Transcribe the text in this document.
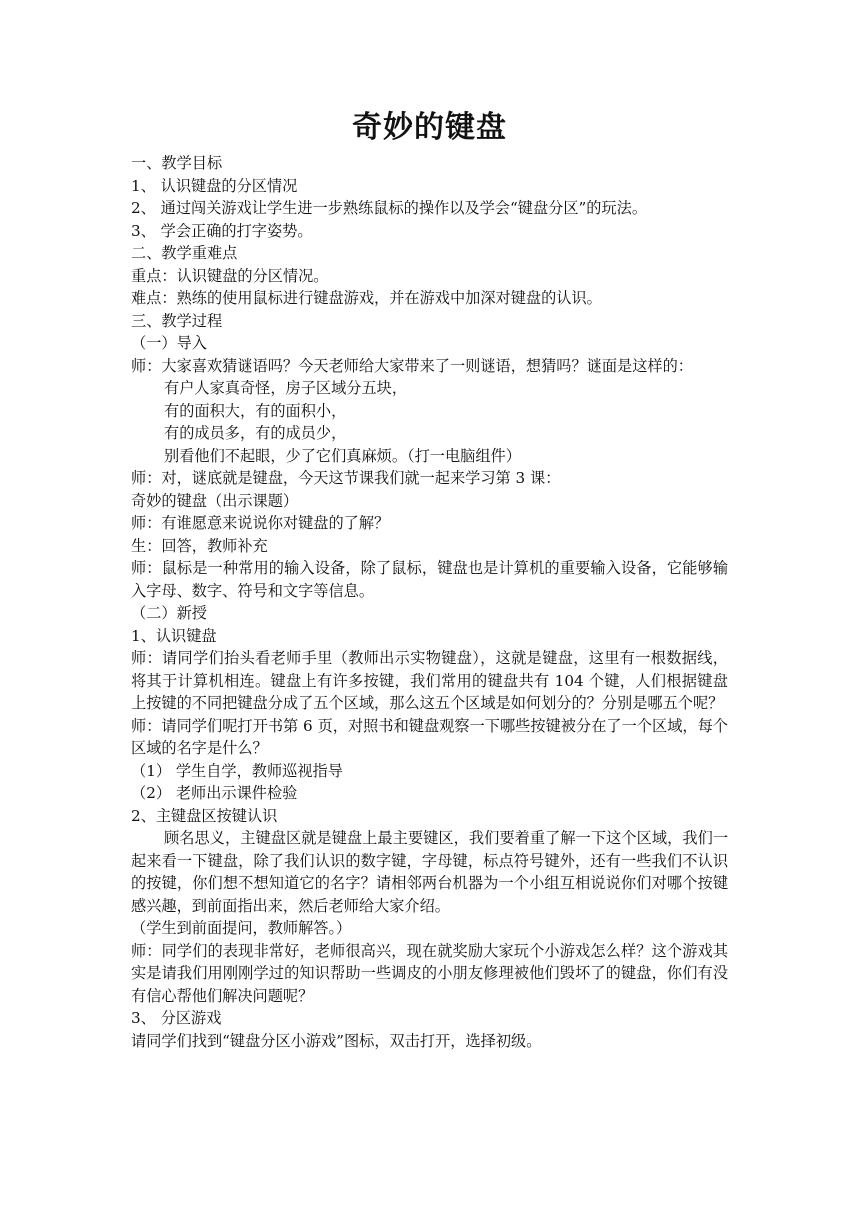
奇妙的键盘
一、教学目标
1、 认识键盘的分区情况
2、 通过闯关游戏让学生进一步熟练鼠标的操作以及学会“键盘分区”的玩法。
3、 学会正确的打字姿势。
二、教学重难点
重点：认识键盘的分区情况。
难点：熟练的使用鼠标进行键盘游戏，并在游戏中加深对键盘的认识。
三、教学过程
（一）导入
师：大家喜欢猜谜语吗？今天老师给大家带来了一则谜语，想猜吗？谜面是这样的：
有户人家真奇怪，房子区域分五块，
有的面积大，有的面积小，
有的成员多，有的成员少，
别看他们不起眼，少了它们真麻烦。（打一电脑组件）
师：对，谜底就是键盘，今天这节课我们就一起来学习第 3 课：
奇妙的键盘（出示课题）
师：有谁愿意来说说你对键盘的了解？
生：回答，教师补充
师：鼠标是一种常用的输入设备，除了鼠标，键盘也是计算机的重要输入设备，它能够输入字母、数字、符号和文字等信息。
（二）新授
1、认识键盘
师：请同学们抬头看老师手里（教师出示实物键盘），这就是键盘，这里有一根数据线，将其于计算机相连。键盘上有许多按键，我们常用的键盘共有 104 个键，人们根据键盘上按键的不同把键盘分成了五个区域，那么这五个区域是如何划分的？分别是哪五个呢？
师：请同学们呢打开书第 6 页，对照书和键盘观察一下哪些按键被分在了一个区域，每个区域的名字是什么？
（1） 学生自学，教师巡视指导
（2） 老师出示课件检验
2、主键盘区按键认识
顾名思义，主键盘区就是键盘上最主要键区，我们要着重了解一下这个区域，我们一起来看一下键盘，除了我们认识的数字键，字母键，标点符号键外，还有一些我们不认识的按键，你们想不想知道它的名字？请相邻两台机器为一个小组互相说说你们对哪个按键感兴趣，到前面指出来，然后老师给大家介绍。
（学生到前面提问，教师解答。）
师：同学们的表现非常好，老师很高兴，现在就奖励大家玩个小游戏怎么样？这个游戏其实是请我们用刚刚学过的知识帮助一些调皮的小朋友修理被他们毁坏了的键盘，你们有没有信心帮他们解决问题呢？
3、 分区游戏
请同学们找到“键盘分区小游戏”图标，双击打开，选择初级。
